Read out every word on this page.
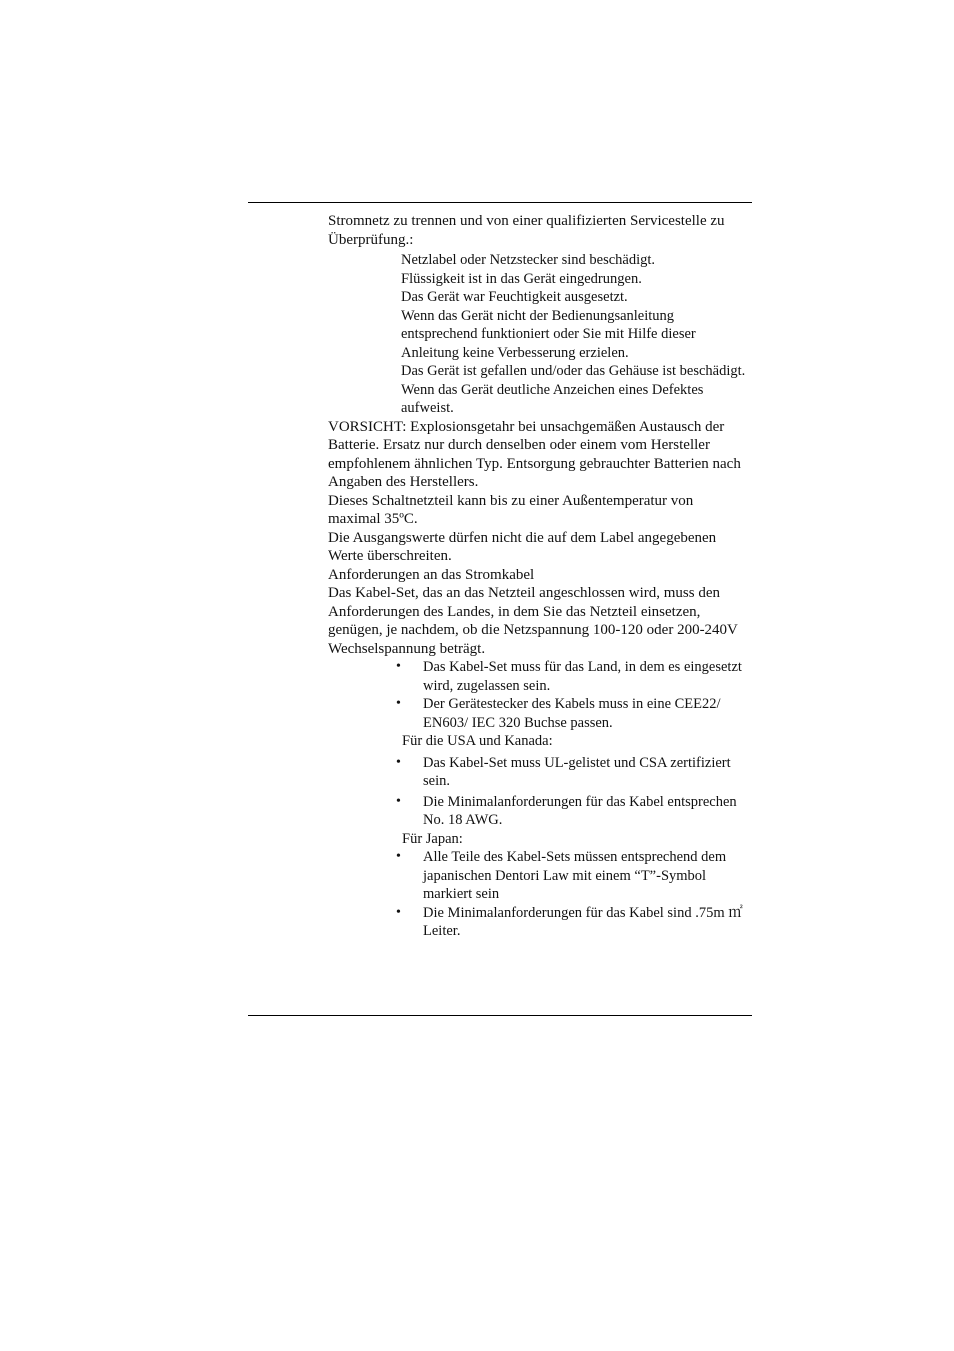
Stromnetz zu trennen und von einer qualifizierten Servicestelle zu Überprüfung.:

Netzlabel oder Netzstecker sind beschädigt.
Flüssigkeit ist in das Gerät eingedrungen.
Das Gerät war Feuchtigkeit ausgesetzt.
Wenn das Gerät nicht der Bedienungsanleitung entsprechend funktioniert oder Sie mit Hilfe dieser Anleitung keine Verbesserung erzielen.
Das Gerät ist gefallen und/oder das Gehäuse ist beschädigt.
Wenn das Gerät deutliche Anzeichen eines Defektes aufweist.

VORSICHT: Explosionsgetahr bei unsachgemäßen Austausch der Batterie. Ersatz nur durch denselben oder einem vom Hersteller empfohlenem ähnlichen Typ. Entsorgung gebrauchter Batterien nach Angaben des Herstellers.

Dieses Schaltnetzteil kann bis zu einer Außentemperatur von maximal 35ºC.

Die Ausgangswerte dürfen nicht die auf dem Label angegebenen Werte überschreiten.

Anforderungen an das Stromkabel

Das Kabel-Set, das an das Netzteil angeschlossen wird, muss den Anforderungen des Landes, in dem Sie das Netzteil einsetzen, genügen, je nachdem, ob die Netzspannung 100-120 oder 200-240V Wechselspannung beträgt.

• Das Kabel-Set muss für das Land, in dem es eingesetzt wird, zugelassen sein.
• Der Gerätestecker des Kabels muss in eine CEE22/ EN603/ IEC 320 Buchse passen.

Für die USA und Kanada:

• Das Kabel-Set muss UL-gelistet und CSA zertifiziert sein.
• Die Minimalanforderungen für das Kabel entsprechen No. 18 AWG.

Für Japan:

• Alle Teile des Kabel-Sets müssen entsprechend dem japanischen Dentori Law mit einem “T”-Symbol markiert sein
• Die Minimalanforderungen für das Kabel sind .75m ㎡ Leiter.
